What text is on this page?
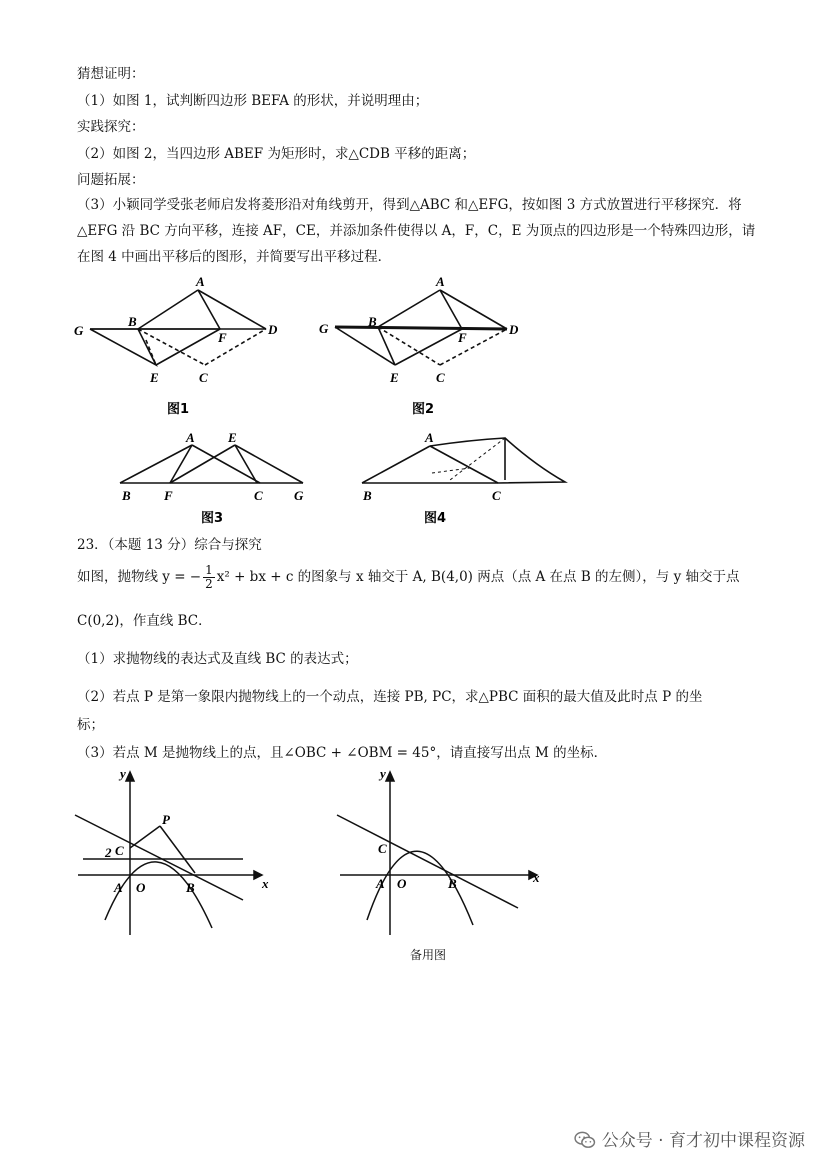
猜想证明：
（1）如图 1，试判断四边形 BEFA 的形状，并说明理由；
实践探究：
（2）如图 2，当四边形 ABEF 为矩形时，求△CDB 平移的距离；
问题拓展：
（3）小颖同学受张老师启发将菱形沿对角线剪开，得到△ABC 和△EFG，按如图 3 方式放置进行平移探究．将△EFG 沿 BC 方向平移，连接 AF，CE，并添加条件使得以 A，F，C，E 为顶点的四边形是一个特殊四边形，请在图 4 中画出平移后的图形，并简要写出平移过程．
A
B
G	F
D
E	C
图1
A
B
G
F
D
E	C
图2
A	E
B	F	C G
图3
A
B	C
图4
23．（本题 13 分）综合与探究
如图，抛物线 y = − $\frac{1}{2} x^2$ + bx + c 的图象与 x 轴交于 A, B(4,0) 两点（点 A 在点 B 的左侧），与 y 轴交于点
C(0,2)，作直线 BC．
（1）求抛物线的表达式及直线 BC 的表达式；
（2）若点 P 是第一象限内抛物线上的一个动点，连接 PB, PC，求△PBC 面积的最大值及此时点 P 的坐
标；
（3）若点 M 是抛物线上的点，且∠OBC + ∠OBM = 45°，请直接写出点 M 的坐标．
y
x
P
2 C
A O	B
y
x
C
A O	B
备用图
公众号 · 育才初中课程资源
